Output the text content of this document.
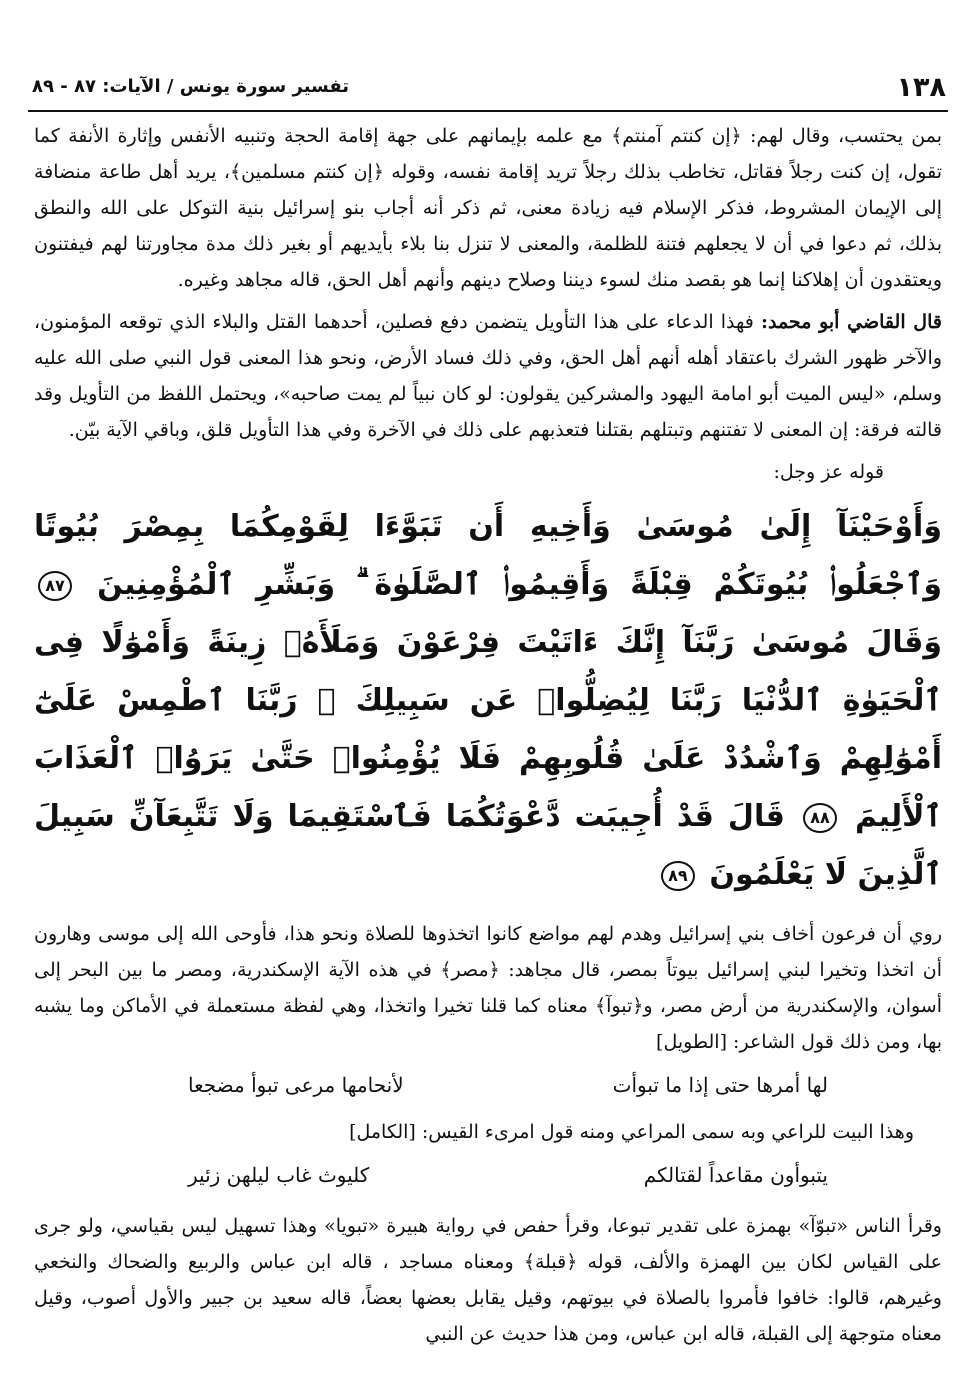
١٣٨
تفسير سورة يونس / الآيات: ٨٧ - ٨٩

بمن يحتسب، وقال لهم: ﴿إن كنتم آمنتم﴾ مع علمه بإيمانهم على جهة إقامة الحجة وتنبيه الأنفس وإثارة الأنفة كما تقول، إن كنت رجلاً فقاتل، تخاطب بذلك رجلاً تريد إقامة نفسه، وقوله ﴿إن كنتم مسلمين﴾، يريد أهل طاعة منضافة إلى الإيمان المشروط، فذكر الإسلام فيه زيادة معنى، ثم ذكر أنه أجاب بنو إسرائيل بنية التوكل على الله والنطق بذلك، ثم دعوا في أن لا يجعلهم فتنة للظلمة، والمعنى لا تنزل بنا بلاء بأيديهم أو بغير ذلك مدة مجاورتنا لهم فيفتنون ويعتقدون أن إهلاكنا إنما هو بقصد منك لسوء ديننا وصلاح دينهم وأنهم أهل الحق، قاله مجاهد وغيره.

قال القاضي أبو محمد: فهذا الدعاء على هذا التأويل يتضمن دفع فصلين، أحدهما القتل والبلاء الذي توقعه المؤمنون، والآخر ظهور الشرك باعتقاد أهله أنهم أهل الحق، وفي ذلك فساد الأرض، ونحو هذا المعنى قول النبي صلى الله عليه وسلم، «ليس الميت أبو امامة اليهود والمشركين يقولون: لو كان نبياً لم يمت صاحبه»، ويحتمل اللفظ من التأويل وقد قالته فرقة: إن المعنى لا تفتنهم وتبتلهم بقتلنا فتعذبهم على ذلك في الآخرة وفي هذا التأويل قلق، وباقي الآية بيّن.

قوله عز وجل:

وَأَوْحَيْنَآ إِلَىٰ مُوسَىٰ وَأَخِيهِ أَن تَبَوَّءَا لِقَوْمِكُمَا بِمِصْرَ بُيُوتًا وَٱجْعَلُوا۟ بُيُوتَكُمْ قِبْلَةً وَأَقِيمُوا۟ ٱلصَّلَوٰةَ ۗ وَبَشِّرِ ٱلْمُؤْمِنِينَ ٨٧ وَقَالَ مُوسَىٰ رَبَّنَآ إِنَّكَ ءَاتَيْتَ فِرْعَوْنَ وَمَلَأَهُۥ زِينَةً وَأَمْوَٰلًا فِى ٱلْحَيَوٰةِ ٱلدُّنْيَا رَبَّنَا لِيُضِلُّوا۟ عَن سَبِيلِكَ ۖ رَبَّنَا ٱطْمِسْ عَلَىٰٓ أَمْوَٰلِهِمْ وَٱشْدُدْ عَلَىٰ قُلُوبِهِمْ فَلَا يُؤْمِنُوا۟ حَتَّىٰ يَرَوُا۟ ٱلْعَذَابَ ٱلْأَلِيمَ ٨٨ قَالَ قَدْ أُجِيبَت دَّعْوَتُكُمَا فَٱسْتَقِيمَا وَلَا تَتَّبِعَآنِّ سَبِيلَ ٱلَّذِينَ لَا يَعْلَمُونَ ٨٩

روي أن فرعون أخاف بني إسرائيل وهدم لهم مواضع كانوا اتخذوها للصلاة ونحو هذا، فأوحى الله إلى موسى وهارون أن اتخذا وتخيرا لبني إسرائيل بيوتاً بمصر، قال مجاهد: ﴿مصر﴾ في هذه الآية الإسكندرية، ومصر ما بين البحر إلى أسوان، والإسكندرية من أرض مصر، و﴿تبوآ﴾ معناه كما قلنا تخيرا واتخذا، وهي لفظة مستعملة في الأماكن وما يشبه بها، ومن ذلك قول الشاعر: [الطويل]

لها أمرها حتى إذا ما تبوأت
لأنحامها مرعى تبوأ مضجعا

وهذا البيت للراعي وبه سمى المراعي ومنه قول امرىء القيس: [الكامل]

يتبوأون مقاعداً لقتالكم
كليوث غاب ليلهن زئير

وقرأ الناس «تبوّآ» بهمزة على تقدير تبوعا، وقرأ حفص في رواية هبيرة «تبويا» وهذا تسهيل ليس بقياسي، ولو جرى على القياس لكان بين الهمزة والألف، قوله ﴿قبلة﴾ ومعناه مساجد ، قاله ابن عباس والربيع والضحاك والنخعي وغيرهم، قالوا: خافوا فأمروا بالصلاة في بيوتهم، وقيل يقابل بعضها بعضاً، قاله سعيد بن جبير والأول أصوب، وقيل معناه متوجهة إلى القبلة، قاله ابن عباس، ومن هذا حديث عن النبي
